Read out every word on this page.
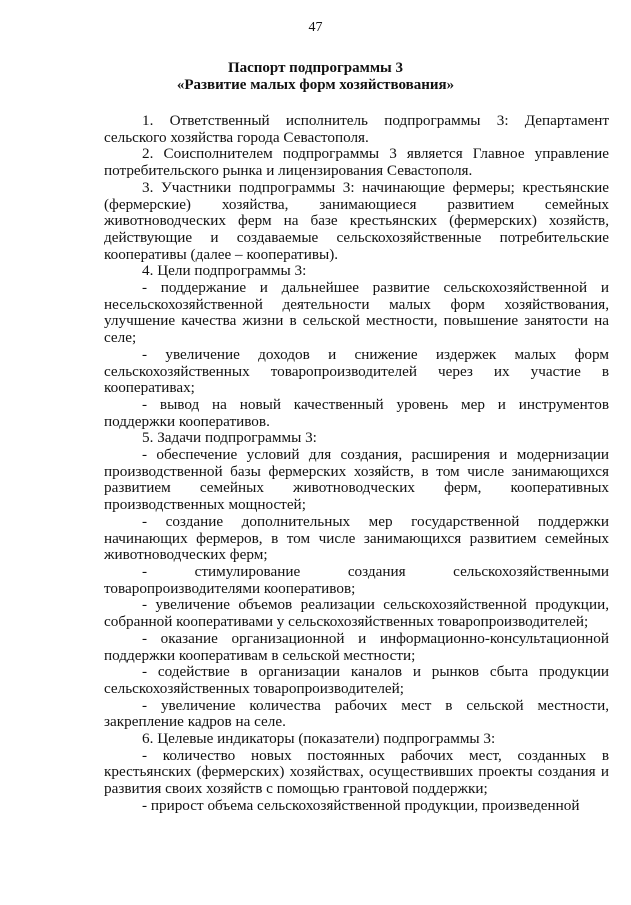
47
Паспорт подпрограммы 3
«Развитие малых форм хозяйствования»

1. Ответственный исполнитель подпрограммы 3: Департамент сельского хозяйства города Севастополя.

2. Соисполнителем подпрограммы 3 является Главное управление потребительского рынка и лицензирования Севастополя.

3. Участники подпрограммы 3: начинающие фермеры; крестьянские (фермерские) хозяйства, занимающиеся развитием семейных животноводческих ферм на базе крестьянских (фермерских) хозяйств, действующие и создаваемые сельскохозяйственные потребительские кооперативы (далее – кооперативы).

4. Цели подпрограммы 3:

- поддержание и дальнейшее развитие сельскохозяйственной и несельскохозяйственной деятельности малых форм хозяйствования, улучшение качества жизни в сельской местности, повышение занятости на селе;

- увеличение доходов и снижение издержек малых форм сельскохозяйственных товаропроизводителей через их участие в кооперативах;

- вывод на новый качественный уровень мер и инструментов поддержки кооперативов.

5. Задачи подпрограммы 3:

- обеспечение условий для создания, расширения и модернизации производственной базы фермерских хозяйств, в том числе занимающихся развитием семейных животноводческих ферм, кооперативных производственных мощностей;

- создание дополнительных мер государственной поддержки начинающих фермеров, в том числе занимающихся развитием семейных животноводческих ферм;

- стимулирование создания сельскохозяйственными товаропроизводителями кооперативов;

- увеличение объемов реализации сельскохозяйственной продукции, собранной кооперативами у сельскохозяйственных товаропроизводителей;

- оказание организационной и информационно-консультационной поддержки кооперативам в сельской местности;

- содействие в организации каналов и рынков сбыта продукции сельскохозяйственных товаропроизводителей;

- увеличение количества рабочих мест в сельской местности, закрепление кадров на селе.

6. Целевые индикаторы (показатели) подпрограммы 3:

- количество новых постоянных рабочих мест, созданных в крестьянских (фермерских) хозяйствах, осуществивших проекты создания и развития своих хозяйств с помощью грантовой поддержки;

- прирост объема сельскохозяйственной продукции, произведенной
